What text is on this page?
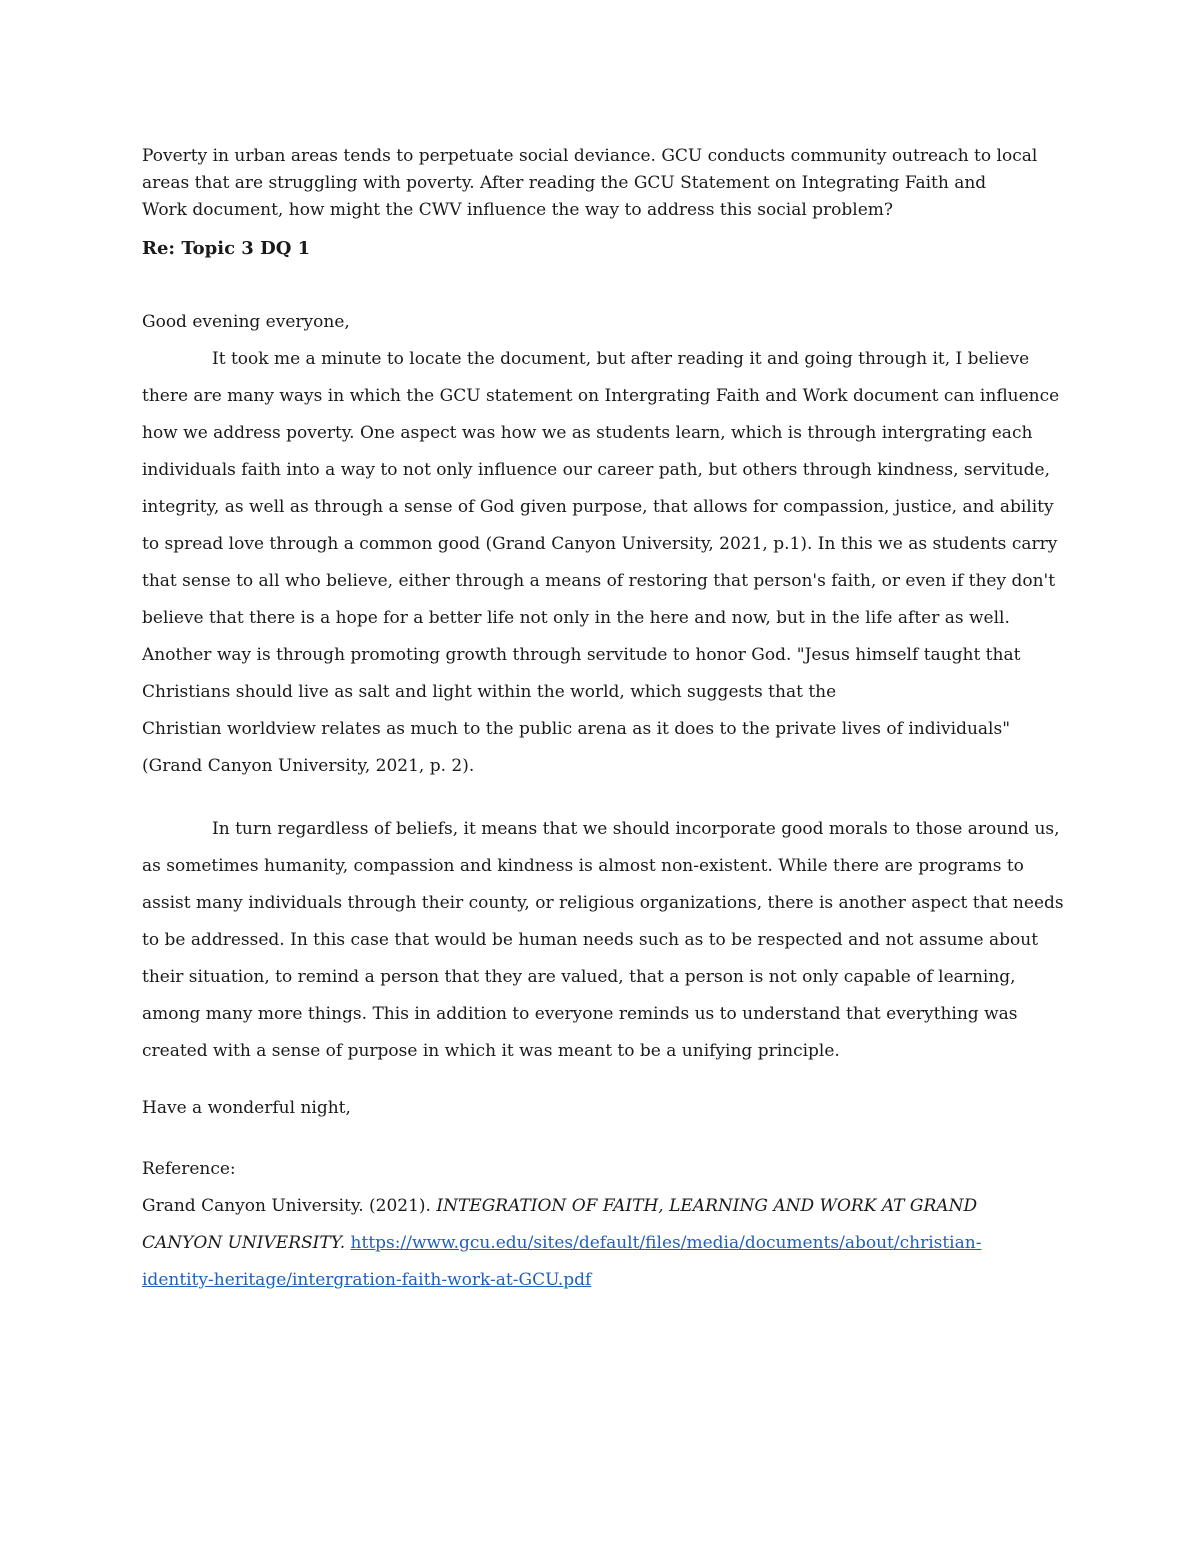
Poverty in urban areas tends to perpetuate social deviance. GCU conducts community outreach to local

areas that are struggling with poverty. After reading the GCU Statement on Integrating Faith and

Work document, how might the CWV influence the way to address this social problem?

Re: Topic 3 DQ 1

Good evening everyone,

It took me a minute to locate the document, but after reading it and going through it, I believe
there are many ways in which the GCU statement on Intergrating Faith and Work document can influence
how we address poverty. One aspect was how we as students learn, which is through intergrating each
individuals faith into a way to not only influence our career path, but others through kindness, servitude,
integrity, as well as through a sense of God given purpose, that allows for compassion, justice, and ability
to spread love through a common good (Grand Canyon University, 2021, p.1). In this we as students carry
that sense to all who believe, either through a means of restoring that person's faith, or even if they don't
believe that there is a hope for a better life not only in the here and now, but in the life after as well.
Another way is through promoting growth through servitude to honor God. "Jesus himself taught that
Christians should live as salt and light within the world, which suggests that the
Christian worldview relates as much to the public arena as it does to the private lives of individuals"
(Grand Canyon University, 2021, p. 2).
In turn regardless of beliefs, it means that we should incorporate good morals to those around us,
as sometimes humanity, compassion and kindness is almost non-existent. While there are programs to
assist many individuals through their county, or religious organizations, there is another aspect that needs
to be addressed. In this case that would be human needs such as to be respected and not assume about
their situation, to remind a person that they are valued, that a person is not only capable of learning,
among many more things. This in addition to everyone reminds us to understand that everything was
created with a sense of purpose in which it was meant to be a unifying principle.

Have a wonderful night,

Reference:

Grand Canyon University. (2021). INTEGRATION OF FAITH, LEARNING AND WORK AT GRAND
CANYON UNIVERSITY. https://www.gcu.edu/sites/default/files/media/documents/about/christian-
identity-heritage/intergration-faith-work-at-GCU.pdf
